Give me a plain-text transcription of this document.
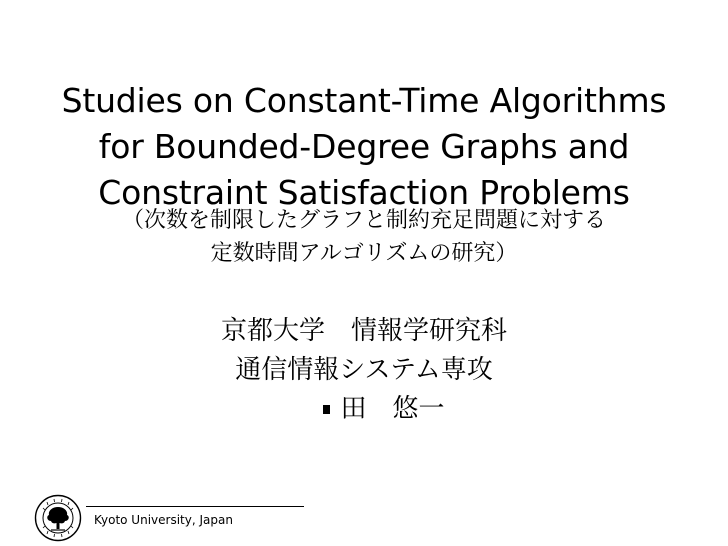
Studies on Constant-Time Algorithms
for Bounded-Degree Graphs and
Constraint Satisfaction Problems
（次数を制限したグラフと制約充足問題に対する
定数時間アルゴリズムの研究）
京都大学　情報学研究科
通信情報システム専攻
田　悠一
Kyoto University, Japan
